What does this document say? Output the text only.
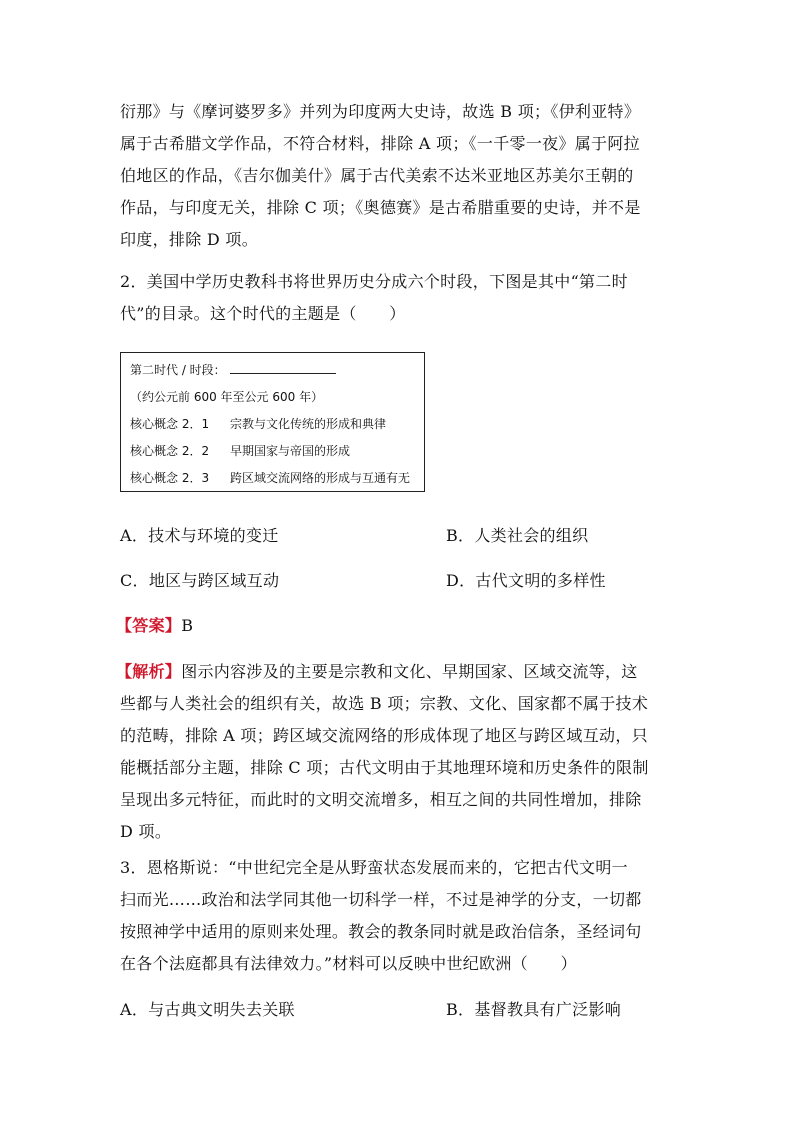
衍那》与《摩诃婆罗多》并列为印度两大史诗，故选 B 项；《伊利亚特》
属于古希腊文学作品，不符合材料，排除 A 项；《一千零一夜》属于阿拉
伯地区的作品，《吉尔伽美什》属于古代美索不达米亚地区苏美尔王朝的
作品，与印度无关，排除 C 项；《奥德赛》是古希腊重要的史诗，并不是
印度，排除 D 项。
2．美国中学历史教科书将世界历史分成六个时段，下图是其中“第二时
代”的目录。这个时代的主题是（　　）
第二时代 / 时段：
（约公元前 600 年至公元 600 年）
核心概念 2．1 宗教与文化传统的形成和典律
核心概念 2．2 早期国家与帝国的形成
核心概念 2．3 跨区域交流网络的形成与互通有无
A．技术与环境的变迁	B．人类社会的组织
C．地区与跨区域互动	D．古代文明的多样性
【答案】B
【解析】图示内容涉及的主要是宗教和文化、早期国家、区域交流等，这
些都与人类社会的组织有关，故选 B 项；宗教、文化、国家都不属于技术
的范畴，排除 A 项；跨区域交流网络的形成体现了地区与跨区域互动，只
能概括部分主题，排除 C 项；古代文明由于其地理环境和历史条件的限制
呈现出多元特征，而此时的文明交流增多，相互之间的共同性增加，排除
D 项。
3．恩格斯说：“中世纪完全是从野蛮状态发展而来的，它把古代文明一
扫而光……政治和法学同其他一切科学一样，不过是神学的分支，一切都
按照神学中适用的原则来处理。教会的教条同时就是政治信条，圣经词句
在各个法庭都具有法律效力。”材料可以反映中世纪欧洲（　　）
A．与古典文明失去关联	B．基督教具有广泛影响
